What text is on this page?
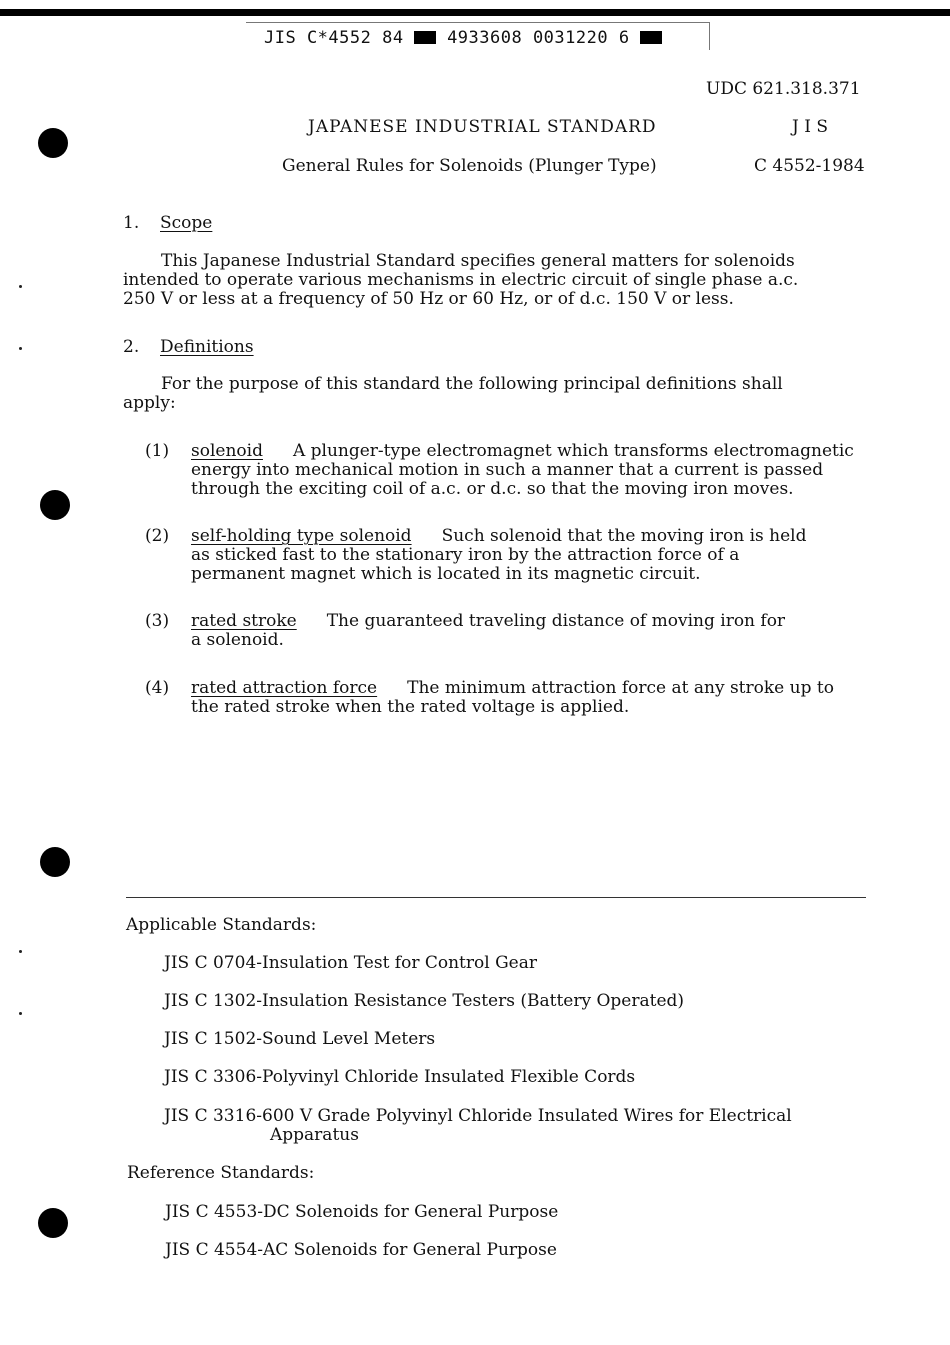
JIS C*4552 84	4933608 0031220 6
UDC 621.318.371
JAPANESE INDUSTRIAL STANDARD	J I S
General Rules for Solenoids (Plunger Type)	C 4552-1984
1. Scope
This Japanese Industrial Standard specifies general matters for solenoids
intended to operate various mechanisms in electric circuit of single phase a.c.
250 V or less at a frequency of 50 Hz or 60 Hz, or of d.c. 150 V or less.
2. Definitions
For the purpose of this standard the following principal definitions shall
apply:
(1) solenoid A plunger-type electromagnet which transforms electromagnetic
energy into mechanical motion in such a manner that a current is passed
through the exciting coil of a.c. or d.c. so that the moving iron moves.
(2) self-holding type solenoid Such solenoid that the moving iron is held
as sticked fast to the stationary iron by the attraction force of a
permanent magnet which is located in its magnetic circuit.
(3) rated stroke The guaranteed traveling distance of moving iron for
a solenoid.
(4) rated attraction force The minimum attraction force at any stroke up to
the rated stroke when the rated voltage is applied.
Applicable Standards:
JIS C 0704-Insulation Test for Control Gear
JIS C 1302-Insulation Resistance Testers (Battery Operated)
JIS C 1502-Sound Level Meters
JIS C 3306-Polyvinyl Chloride Insulated Flexible Cords
JIS C 3316-600 V Grade Polyvinyl Chloride Insulated Wires for Electrical
Apparatus
Reference Standards:
JIS C 4553-DC Solenoids for General Purpose
JIS C 4554-AC Solenoids for General Purpose
